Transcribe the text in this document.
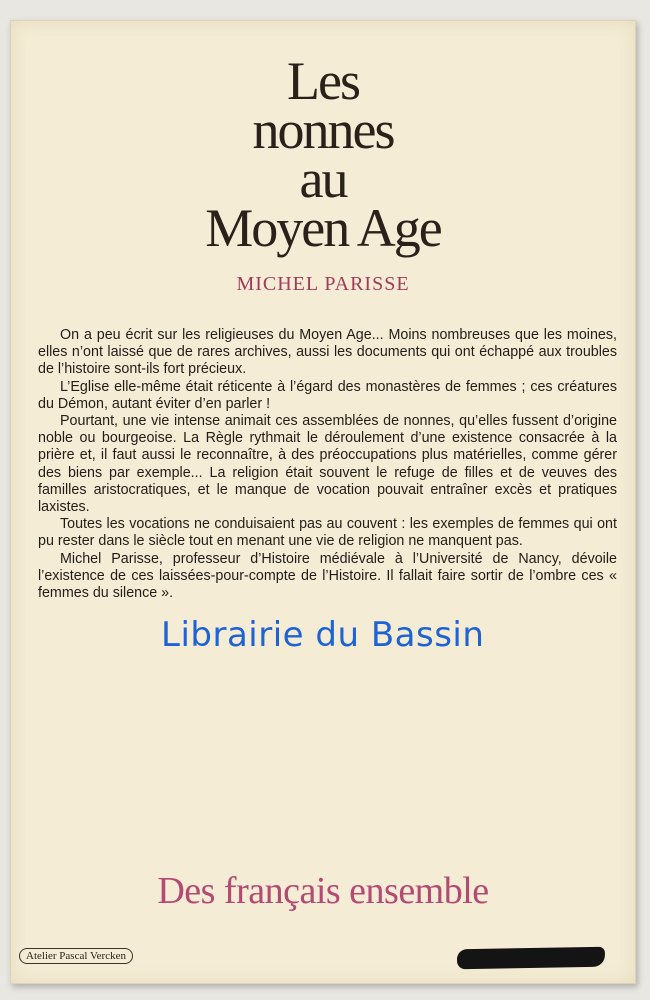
Les
nonnes
au
Moyen Age
MICHEL PARISSE

On a peu écrit sur les religieuses du Moyen Age... Moins nombreuses que les moines, elles n’ont laissé que de rares archives, aussi les documents qui ont échappé aux troubles de l’histoire sont-ils fort précieux.

L’Eglise elle-même était réticente à l’égard des monastères de femmes ; ces créatures du Démon, autant éviter d’en parler !

Pourtant, une vie intense animait ces assemblées de nonnes, qu’elles fussent d’origine noble ou bourgeoise. La Règle rythmait le déroulement d’une existence consacrée à la prière et, il faut aussi le reconnaître, à des préoccupations plus matérielles, comme gérer des biens par exemple... La religion était souvent le refuge de filles et de veuves des familles aristocratiques, et le manque de vocation pouvait entraîner excès et pratiques laxistes.

Toutes les vocations ne conduisaient pas au couvent : les exemples de femmes qui ont pu rester dans le siècle tout en menant une vie de religion ne manquent pas.

Michel Parisse, professeur d’Histoire médiévale à l’Université de Nancy, dévoile l’existence de ces laissées-pour-compte de l’Histoire. Il fallait faire sortir de l’ombre ces « femmes du silence ».

Librairie du Bassin
Des français ensemble
Atelier Pascal Vercken
